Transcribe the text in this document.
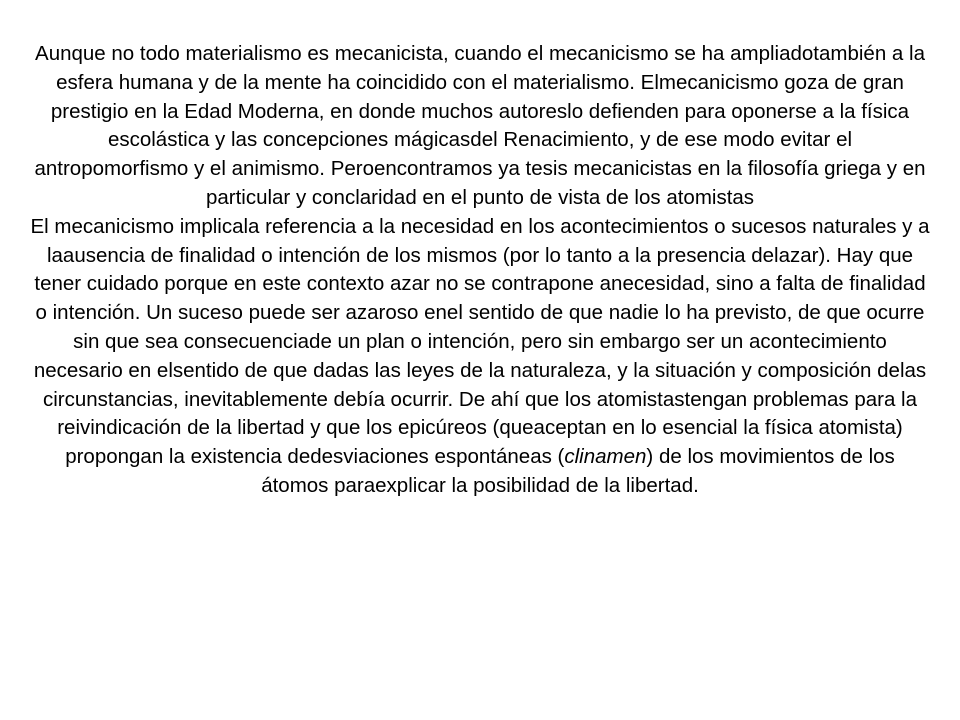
Aunque no todo materialismo es mecanicista, cuando el mecanicismo se ha ampliadotambién a la esfera humana y de la mente ha coincidido con el materialismo. Elmecanicismo goza de gran prestigio en la Edad Moderna, en donde muchos autoreslo defienden para oponerse a la física escolástica y las concepciones mágicasdel Renacimiento, y de ese modo evitar el antropomorfismo y el animismo. Peroencontramos ya tesis mecanicistas en la filosofía griega y en particular y conclaridad en el punto de vista de los atomistas

El mecanicismo implicala referencia a la necesidad en los acontecimientos o sucesos naturales y a laausencia de finalidad o intención de los mismos (por lo tanto a la presencia delazar). Hay que tener cuidado porque en este contexto azar no se contrapone anecesidad, sino a falta de finalidad o intención. Un suceso puede ser azaroso enel sentido de que nadie lo ha previsto, de que ocurre sin que sea consecuenciade un plan o intención, pero sin embargo ser un acontecimiento necesario en elsentido de que dadas las leyes de la naturaleza, y la situación y composición delas circunstancias, inevitablemente debía ocurrir. De ahí que los atomistastengan problemas para la reivindicación de la libertad y que los epicúreos (queaceptan en lo esencial la física atomista) propongan la existencia dedesviaciones espontáneas (clinamen) de los movimientos de los átomos paraexplicar la posibilidad de la libertad.
